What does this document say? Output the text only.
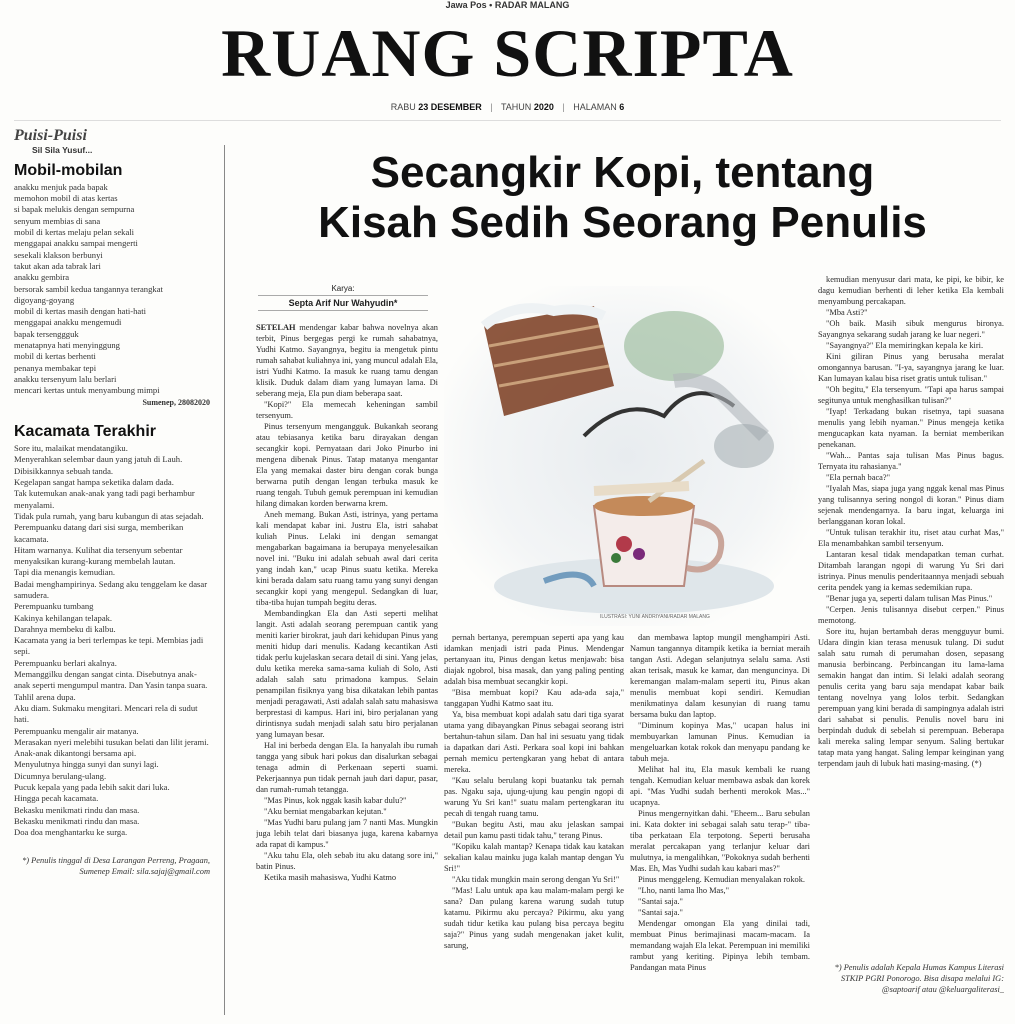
Jawa Pos • RADAR MALANG
RUANG SCRIPTA
RABU 23 DESEMBER | TAHUN 2020 | HALAMAN 6
Puisi-Puisi
Sil Sila Yusuf...
Mobil-mobilan

anakku menjuk pada bapak

memohon mobil di atas kertas

si bapak melukis dengan sempurna

senyum membias di sana

mobil di kertas melaju pelan sekali

menggapai anakku sampai mengerti

sesekali klakson berbunyi

takut akan ada tabrak lari

anakku gembira

bersorak sambil kedua tangannya terangkat

digoyang-goyang

mobil di kertas masih dengan hati-hati

menggapai anakku mengemudi

bapak tersenggguk

menatapnya hati menyinggung

mobil di kertas berhenti

penanya membakar tepi

anakku tersenyum lalu berlari

mencari kertas untuk menyambung mimpi

Sumenep, 28082020

Kacamata Terakhir

Sore itu, malaikat mendatangiku.

Menyerahkan selembar daun yang jatuh di Lauh.

Dibisikkannya sebuah tanda.

Kegelapan sangat hampa seketika dalam dada.

Tak kutemukan anak-anak yang tadi pagi berhambur menyalami.

Tidak pula rumah, yang baru kubangun di atas sejadah.

Perempuanku datang dari sisi surga, memberikan kacamata.

Hitam warnanya. Kulihat dia tersenyum sebentar

menyaksikan kurang-kurang membelah lautan.

Tapi dia menangis kemudian.

Badai menghampirinya. Sedang aku tenggelam ke dasar samudera.

Perempuanku tumbang

Kakinya kehilangan telapak.

Darahnya membeku di kalbu.

Kacamata yang ia beri terlempas ke tepi. Membias jadi sepi.

Perempuanku berlari akalnya.

Memanggilku dengan sangat cinta. Disebutnya anak-anak seperti mengumpul mantra. Dan Yasin tanpa suara. Tahlil arena dupa.

Aku diam. Sukmaku mengitari. Mencari rela di sudut hati.

Perempuanku mengalir air matanya.

Merasakan nyeri melebihi tusukan belati dan lilit jerami.

Anak-anak dikantongi bersama api.

Menyulutnya hingga sunyi dan sunyi lagi.

Dicumnya berulang-ulang.

Pucuk kepala yang pada lebih sakit dari luka.

Hingga pecah kacamata.

Bekasku menikmati rindu dan masa.

Bekasku menikmati rindu dan masa.

Doa doa menghantarku ke surga.

*) Penulis tinggal di Desa Larangan Perreng, Pragaan, Sumenep Email: sila.sajaj@gmail.com
Secangkir Kopi, tentang
Kisah Sedih Seorang Penulis
Karya:
Septa Arif Nur Wahyudin*
ILUSTRASI: YUNI ANDRIYANI/RADAR MALANG

SETELAH mendengar kabar bahwa novelnya akan terbit, Pinus bergegas pergi ke rumah sahabatnya, Yudhi Katmo. Sayangnya, begitu ia mengetuk pintu rumah sahabat kuliahnya ini, yang muncul adalah Ela, istri Yudhi Katmo. Ia masuk ke ruang tamu dengan klisik. Duduk dalam diam yang lumayan lama. Di seberang meja, Ela pun diam beberapa saat.

"Kopi?" Ela memecah keheningan sambil tersenyum.

Pinus tersenyum mengangguk. Bukankah seorang atau tebiasanya ketika baru dirayakan dengan secangkir kopi. Pernyataan dari Joko Pinurbo ini mengena dibenak Pinus. Tatap matanya mengantar Ela yang memakai daster biru dengan corak bunga berwarna putih dengan lengan terbuka masuk ke ruang tengah. Tubuh gemuk perempuan ini kemudian hilang dimakan korden berwarna krem.

Aneh memang. Bukan Asti, istrinya, yang pertama kali mendapat kabar ini. Justru Ela, istri sahabat kuliah Pinus. Lelaki ini dengan semangat mengabarkan bagaimana ia berupaya menyelesaikan novel ini. "Buku ini adalah sebuah awal dari cerita yang indah kan," ucap Pinus suatu ketika. Mereka kini berada dalam satu ruang tamu yang sunyi dengan secangkir kopi yang mengepul. Sedangkan di luar, tiba-tiba hujan tumpah begitu deras.

Membandingkan Ela dan Asti seperti melihat langit. Asti adalah seorang perempuan cantik yang meniti karier birokrat, jauh dari kehidupan Pinus yang meniti hidup dari menulis. Kadang kecantikan Asti tidak perlu kujelaskan secara detail di sini. Yang jelas, dulu ketika mereka sama-sama kuliah di Solo, Asti adalah salah satu primadona kampus. Selain penampilan fisiknya yang bisa dikatakan lebih pantas menjadi peragawati, Asti adalah salah satu mahasiswa berprestasi di kampus. Hari ini, biro perjalanan yang dirintisnya sudah menjadi salah satu biro perjalanan yang lumayan besar.

Hal ini berbeda dengan Ela. Ia hanyalah ibu rumah tangga yang sibuk hari pokus dan disalurkan sebagai tenaga admin di Perkenaan seperti suami. Pekerjaannya pun tidak pernah jauh dari dapur, pasar, dan rumah-rumah tetangga.

"Mas Pinus, kok nggak kasih kabar dulu?"

"Aku berniat mengabarkan kejutan."

"Mas Yudhi baru pulang jam 7 nanti Mas. Mungkin juga lebih telat dari biasanya juga, karena kabarnya ada rapat di kampus."

"Aku tahu Ela, oleh sebab itu aku datang sore ini," batin Pinus.

Ketika masih mahasiswa, Yudhi Katmo

pernah bertanya, perempuan seperti apa yang kau idamkan menjadi istri pada Pinus. Mendengar pertanyaan itu, Pinus dengan ketus menjawab: bisa diajak ngobrol, bisa masak, dan yang paling penting adalah bisa membuat secangkir kopi.

"Bisa membuat kopi? Kau ada-ada saja," tanggapan Yudhi Katmo saat itu.

Ya, bisa membuat kopi adalah satu dari tiga syarat utama yang dibayangkan Pinus sebagai seorang istri bertahun-tahun silam. Dan hal ini sesuatu yang tidak ia dapatkan dari Asti. Perkara soal kopi ini bahkan pernah memicu pertengkaran yang hebat di antara mereka.

"Kau selalu berulang kopi buatanku tak pernah pas. Ngaku saja, ujung-ujung kau pengin ngopi di warung Yu Sri kan!" suatu malam pertengkaran itu pecah di tengah ruang tamu.

"Bukan begitu Asti, mau aku jelaskan sampai detail pun kamu pasti tidak tahu," terang Pinus.

"Kopiku kalah mantap? Kenapa tidak kau katakan sekalian kalau mainku juga kalah mantap dengan Yu Sri!"

"Aku tidak mungkin main serong dengan Yu Sri!"

"Mas! Lalu untuk apa kau malam-malam pergi ke sana? Dan pulang karena warung sudah tutup katamu. Pikirmu aku percaya? Pikirmu, aku yang sudah tidur ketika kau pulang bisa percaya begitu saja?" Pinus yang sudah mengenakan jaket kulit, sarung,

dan membawa laptop mungil menghampiri Asti. Namun tangannya ditampik ketika ia berniat meraih tangan Asti. Adegan selanjutnya selalu sama. Asti akan terisak, masuk ke kamar, dan menguncinya. Di keremangan malam-malam seperti itu, Pinus akan menulis membuat kopi sendiri. Kemudian menikmatinya dalam kesunyian di ruang tamu bersama buku dan laptop.

"Diminum kopinya Mas," ucapan halus ini membuyarkan lamunan Pinus. Kemudian ia mengeluarkan kotak rokok dan menyapu pandang ke tabuh meja.

Melihat hal itu, Ela masuk kembali ke ruang tengah. Kemudian keluar membawa asbak dan korek api. "Mas Yudhi sudah berhenti merokok Mas..." ucapnya.

Pinus mengernyitkan dahi. "Eheem... Baru sebulan ini. Kata dokter ini sebagai salah satu terap-" tiba-tiba perkataan Ela terpotong. Seperti berusaha meralat percakapan yang terlanjur keluar dari mulutnya, ia mengalihkan, "Pokoknya sudah berhenti Mas. Eh, Mas Yudhi sudah kau kabari mas?"

Pinus menggeleng. Kemudian menyalakan rokok.

"Lho, nanti lama lho Mas,"

"Santai saja."

"Santai saja."

Mendengar omongan Ela yang dinilai tadi, membuat Pinus berimajinasi macam-macam. Ia memandang wajah Ela lekat. Perempuan ini memiliki rambut yang keriting. Pipinya lebih tembam. Pandangan mata Pinus

kemudian menyusur dari mata, ke pipi, ke bibir, ke dagu kemudian berhenti di leher ketika Ela kembali menyambung percakapan.

"Mba Asti?"

"Oh baik. Masih sibuk mengurus bironya. Sayangnya sekarang sudah jarang ke luar negeri."

"Sayangnya?" Ela memiringkan kepala ke kiri.

Kini giliran Pinus yang berusaha meralat omongannya barusan. "I-ya, sayangnya jarang ke luar. Kan lumayan kalau bisa riset gratis untuk tulisan."

"Oh begitu," Ela tersenyum. "Tapi apa harus sampai segitunya untuk menghasilkan tulisan?"

"Iyap! Terkadang bukan risetnya, tapi suasana menulis yang lebih nyaman." Pinus mengeja ketika mengucapkan kata nyaman. Ia berniat memberikan penekanan.

"Wah... Pantas saja tulisan Mas Pinus bagus. Ternyata itu rahasianya."

"Ela pernah baca?"

"Iyalah Mas, siapa juga yang nggak kenal mas Pinus yang tulisannya sering nongol di koran." Pinus diam sejenak mendengarnya. Ia baru ingat, keluarga ini berlangganan koran lokal.

"Untuk tulisan terakhir itu, riset atau curhat Mas," Ela menambahkan sambil tersenyum.

Lantaran kesal tidak mendapatkan teman curhat. Ditambah larangan ngopi di warung Yu Sri dari istrinya. Pinus menulis penderitaannya menjadi sebuah cerita pendek yang ia kemas sedemikian rupa.

"Benar juga ya, seperti dalam tulisan Mas Pinus."

"Cerpen. Jenis tulisannya disebut cerpen." Pinus memotong.

Sore itu, hujan bertambah deras mengguyur bumi. Udara dingin kian terasa menusuk tulang. Di sudut salah satu rumah di perumahan dosen, sepasang manusia berbincang. Perbincangan itu lama-lama semakin hangat dan intim. Si lelaki adalah seorang penulis cerita yang baru saja mendapat kabar baik tentang novelnya yang lolos terbit. Sedangkan perempuan yang kini berada di sampingnya adalah istri dari sahabat si penulis. Penulis novel baru ini berpindah duduk di sebelah si perempuan. Beberapa kali mereka saling lempar senyum. Saling bertukar tatap mata yang hangat. Saling lempar keinginan yang terpendam jauh di lubuk hati masing-masing. (*)

*) Penulis adalah Kepala Humas Kampus Literasi STKIP PGRI Ponorogo. Bisa disapa melalui IG: @saptoarif atau @keluargaliterasi_
